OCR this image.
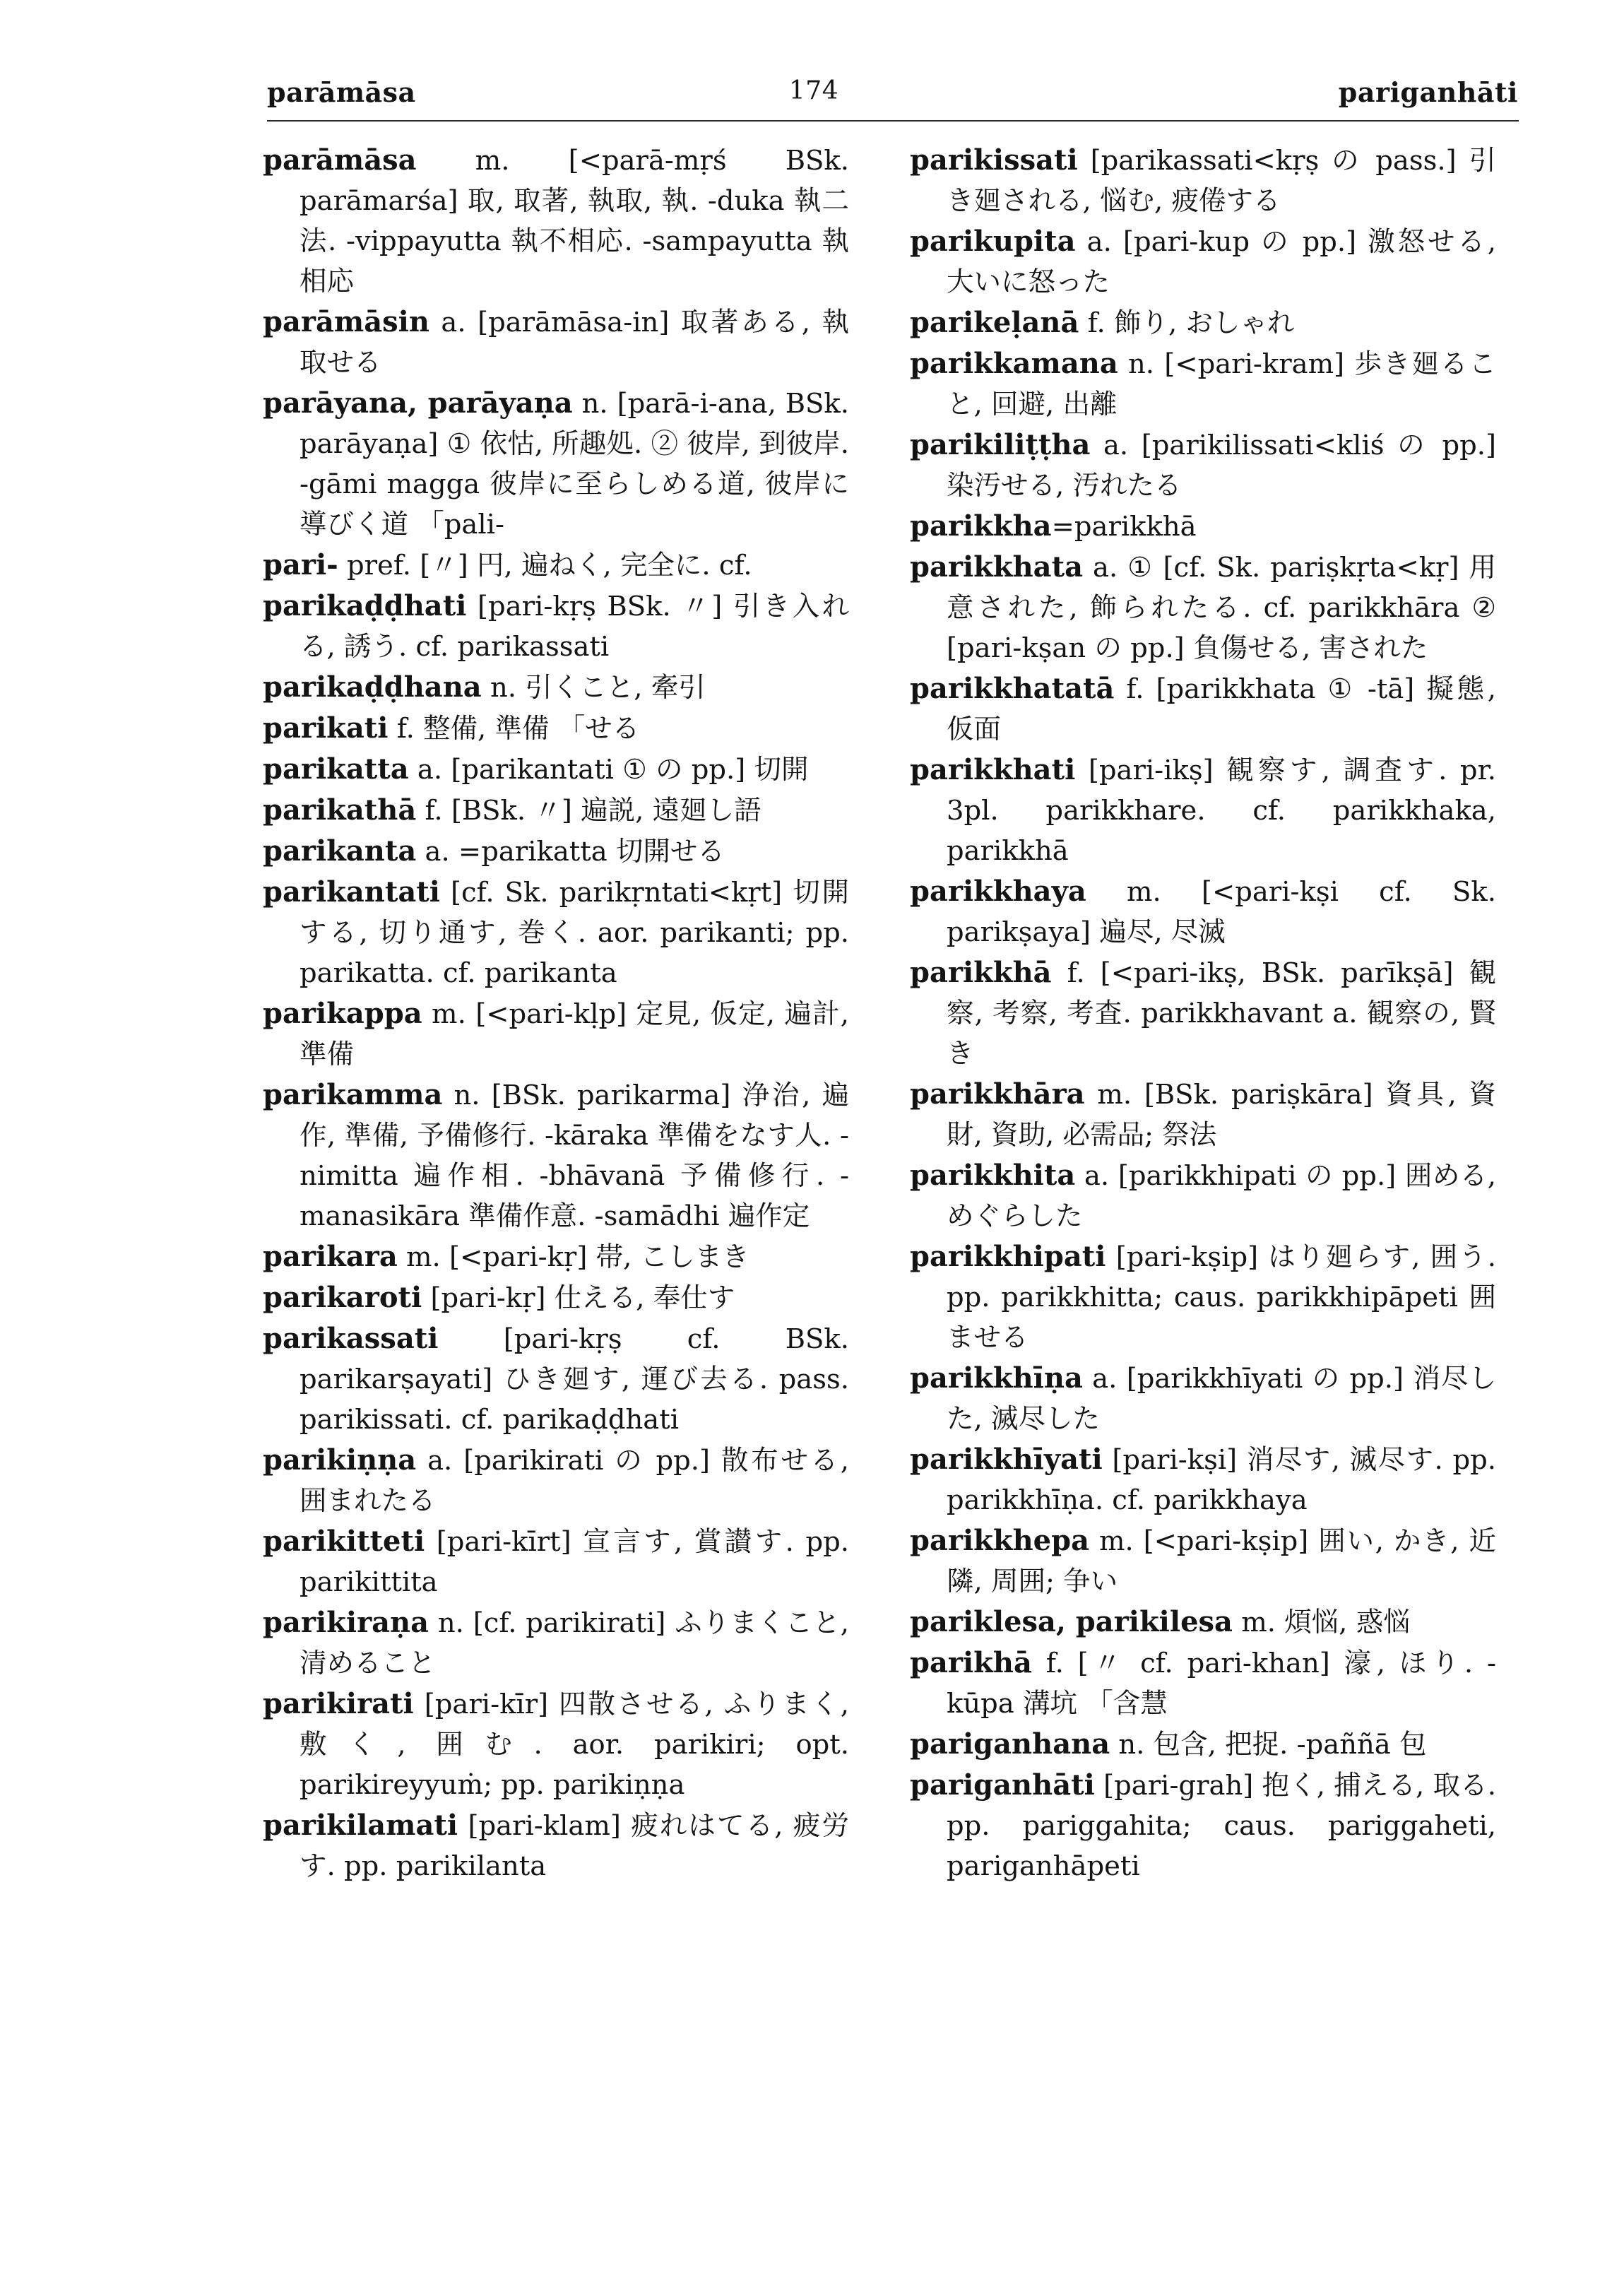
parāmāsa	174	pariganhāti
parāmāsa m. [<parā-mṛś BSk. parāmarśa] 取, 取著, 執取, 執. -duka 執二法. -vippayutta 執不相応. -sampayutta 執相応
parāmāsin a. [parāmāsa-in] 取著ある, 執取せる
parāyana, parāyaṇa n. [parā-i-ana, BSk. parāyaṇa] ① 依怙, 所趣処. ② 彼岸, 到彼岸. -gāmi magga 彼岸に至らしめる道, 彼岸に導びく道 「pali-
pari- pref. [〃] 円, 遍ねく, 完全に. cf.
parikaḍḍhati [pari-kṛṣ BSk. 〃] 引き入れる, 誘う. cf. parikassati
parikaḍḍhana n. 引くこと, 牽引
parikati f. 整備, 準備 「せる
parikatta a. [parikantati ① の pp.] 切開
parikathā f. [BSk. 〃] 遍説, 遠廻し語
parikanta a. =parikatta 切開せる
parikantati [cf. Sk. parikṛntati<kṛt] 切開する, 切り通す, 巻く. aor. parikanti; pp. parikatta. cf. parikanta
parikappa m. [<pari-kḷp] 定見, 仮定, 遍計, 準備
parikamma n. [BSk. parikarma] 浄治, 遍作, 準備, 予備修行. -kāraka 準備をなす人. -nimitta 遍作相. -bhāvanā 予備修行. -manasikāra 準備作意. -samādhi 遍作定
parikara m. [<pari-kṛ] 帯, こしまき
parikaroti [pari-kṛ] 仕える, 奉仕す
parikassati [pari-kṛṣ cf. BSk. parikarṣayati] ひき廻す, 運び去る. pass. parikissati. cf. parikaḍḍhati
parikiṇṇa a. [parikirati の pp.] 散布せる, 囲まれたる
parikitteti [pari-kīrt] 宣言す, 賞讃す. pp. parikittita
parikiraṇa n. [cf. parikirati] ふりまくこと, 清めること
parikirati [pari-kīr] 四散させる, ふりまく, 敷く, 囲む. aor. parikiri; opt. parikireyyuṁ; pp. parikiṇṇa
parikilamati [pari-klam] 疲れはてる, 疲労す. pp. parikilanta
parikissati [parikassati<kṛṣ の pass.] 引き廻される, 悩む, 疲倦する
parikupita a. [pari-kup の pp.] 激怒せる, 大いに怒った
parikeḷanā f. 飾り, おしゃれ
parikkamana n. [<pari-kram] 歩き廻ること, 回避, 出離
parikiliṭṭha a. [parikilissati<kliś の pp.] 染汚せる, 汚れたる
parikkha=parikkhā
parikkhata a. ① [cf. Sk. pariṣkṛta<kṛ] 用意された, 飾られたる. cf. parikkhāra ② [pari-kṣan の pp.] 負傷せる, 害された
parikkhatatā f. [parikkhata ① -tā] 擬態, 仮面
parikkhati [pari-ikṣ] 観察す, 調査す. pr. 3pl. parikkhare. cf. parikkhaka, parikkhā
parikkhaya m. [<pari-kṣi cf. Sk. parikṣaya] 遍尽, 尽滅
parikkhā f. [<pari-ikṣ, BSk. parīkṣā] 観察, 考察, 考査. parikkhavant a. 観察の, 賢き
parikkhāra m. [BSk. pariṣkāra] 資具, 資財, 資助, 必需品; 祭法
parikkhita a. [parikkhipati の pp.] 囲める, めぐらした
parikkhipati [pari-kṣip] はり廻らす, 囲う. pp. parikkhitta; caus. parikkhipāpeti 囲ませる
parikkhīṇa a. [parikkhīyati の pp.] 消尽した, 滅尽した
parikkhīyati [pari-kṣi] 消尽す, 滅尽す. pp. parikkhīṇa. cf. parikkhaya
parikkhepa m. [<pari-kṣip] 囲い, かき, 近隣, 周囲; 争い
pariklesa, parikilesa m. 煩悩, 惑悩
parikhā f. [〃 cf. pari-khan] 濠, ほり. -kūpa 溝坑 「含慧
pariganhana n. 包含, 把捉. -paññā 包
pariganhāti [pari-grah] 抱く, 捕える, 取る. pp. pariggahita; caus. pariggaheti, pariganhāpeti
